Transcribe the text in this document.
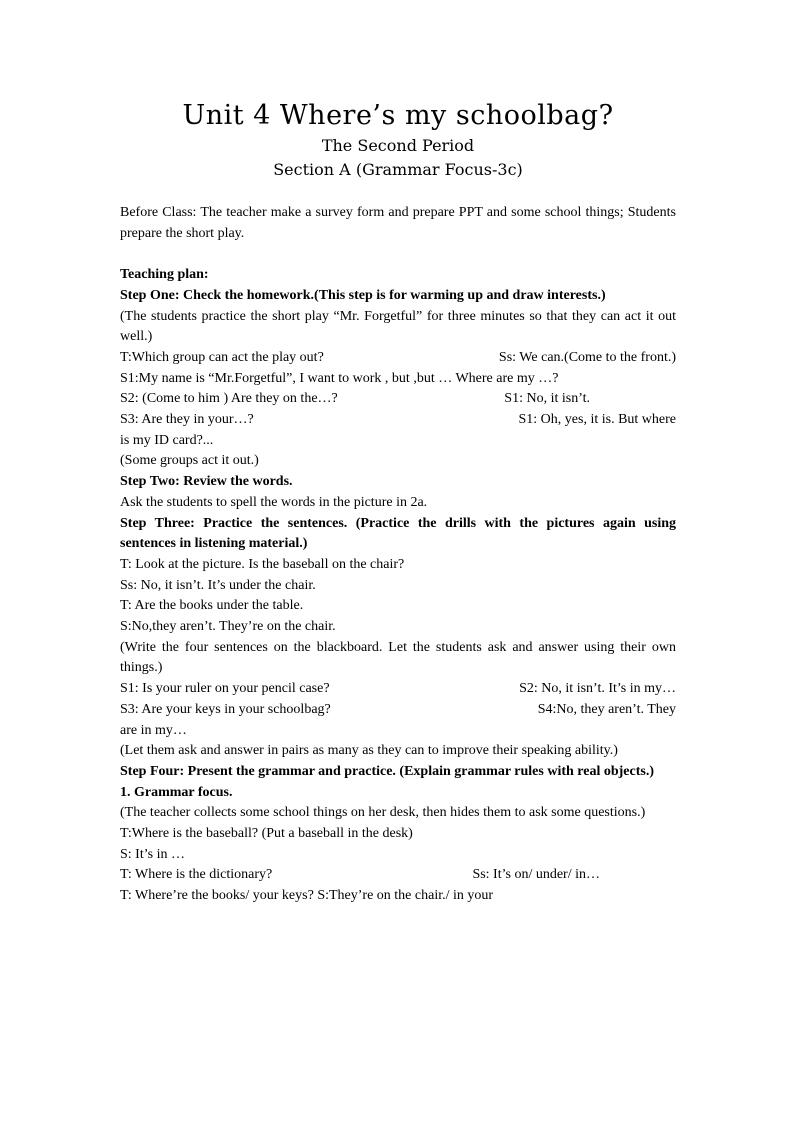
Unit 4 Where’s my schoolbag?
The Second Period
Section A (Grammar Focus-3c)

Before Class: The teacher make a survey form and prepare PPT and some school things; Students prepare the short play.

Teaching plan:

Step One: Check the homework.(This step is for warming up and draw interests.)

(The students practice the short play “Mr. Forgetful” for three minutes so that they can act it out well.)

T:Which group can act the play out?	Ss: We can.(Come to the front.)

S1:My name is “Mr.Forgetful”, I want to work , but ,but … Where are my …?

S2: (Come to him ) Are they on the…?	S1: No, it isn’t.
S3: Are they in your…?	S1: Oh, yes, it is. But where

is my ID card?...

(Some groups act it out.)

Step Two: Review the words.

Ask the students to spell the words in the picture in 2a.

Step Three: Practice the sentences. (Practice the drills with the pictures again using sentences in listening material.)

T: Look at the picture. Is the baseball on the chair?

Ss: No, it isn’t. It’s under the chair.

T: Are the books under the table.

S:No,they aren’t. They’re on the chair.

(Write the four sentences on the blackboard. Let the students ask and answer using their own things.)

S1: Is your ruler on your pencil case?	S2: No, it isn’t. It’s in my…
S3: Are your keys in your schoolbag?	S4:No, they aren’t. They

are in my…

(Let them ask and answer in pairs as many as they can to improve their speaking ability.)

Step Four: Present the grammar and practice. (Explain grammar rules with real objects.)

1. Grammar focus.

(The teacher collects some school things on her desk, then hides them to ask some questions.)

T:Where is the baseball? (Put a baseball in the desk)

S: It’s in …

T: Where is the dictionary?	Ss: It’s on/ under/ in…

T: Where’re the books/ your keys? S:They’re on the chair./ in your
